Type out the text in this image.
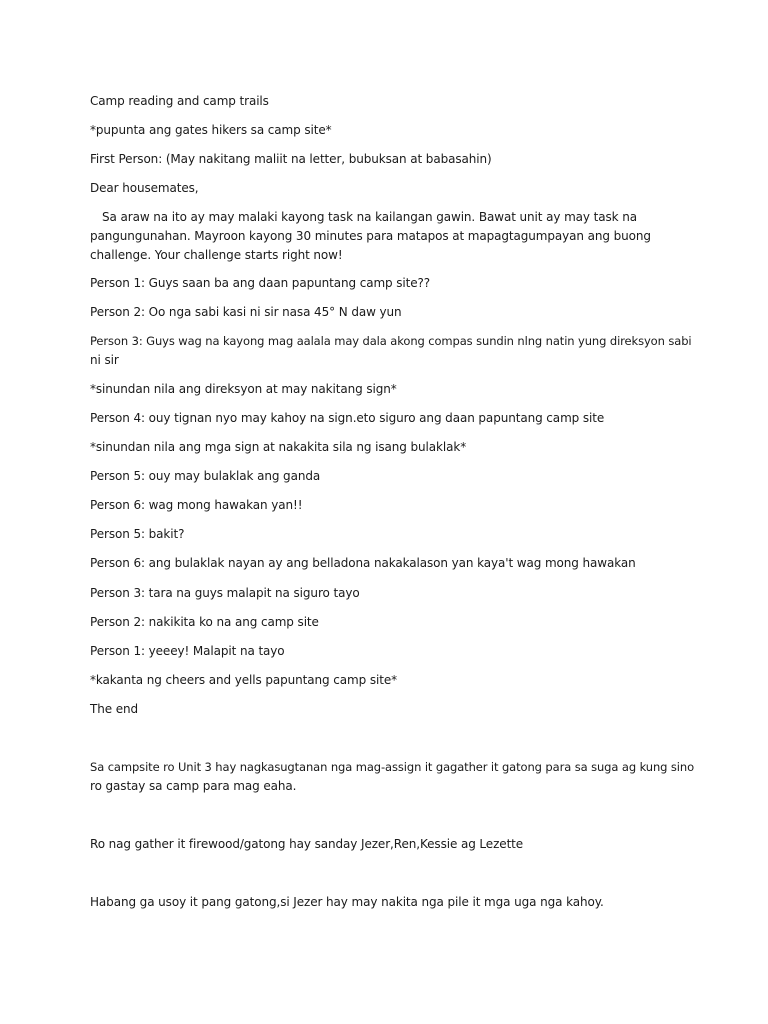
Camp reading and camp trails
*pupunta ang gates hikers sa camp site*
First Person: (May nakitang maliit na letter, bubuksan at babasahin)
Dear housemates,
Sa araw na ito ay may malaki kayong task na kailangan gawin. Bawat unit ay may task na
pangungunahan. Mayroon kayong 30 minutes para matapos at mapagtagumpayan ang buong
challenge. Your challenge starts right now!
Person 1: Guys saan ba ang daan papuntang camp site??
Person 2: Oo nga sabi kasi ni sir nasa 45° N daw yun
Person 3: Guys wag na kayong mag aalala may dala akong compas sundin nlng natin yung direksyon sabi
ni sir
*sinundan nila ang direksyon at may nakitang sign*
Person 4: ouy tignan nyo may kahoy na sign.eto siguro ang daan papuntang camp site
*sinundan nila ang mga sign at nakakita sila ng isang bulaklak*
Person 5: ouy may bulaklak ang ganda
Person 6: wag mong hawakan yan!!
Person 5: bakit?
Person 6: ang bulaklak nayan ay ang belladona nakakalason yan kaya't wag mong hawakan
Person 3: tara na guys malapit na siguro tayo
Person 2: nakikita ko na ang camp site
Person 1: yeeey! Malapit na tayo
*kakanta ng cheers and yells papuntang camp site*
The end
Sa campsite ro Unit 3 hay nagkasugtanan nga mag-assign it gagather it gatong para sa suga ag kung sino
ro gastay sa camp para mag eaha.
Ro nag gather it firewood/gatong hay sanday Jezer,Ren,Kessie ag Lezette
Habang ga usoy it pang gatong,si Jezer hay may nakita nga pile it mga uga nga kahoy.
